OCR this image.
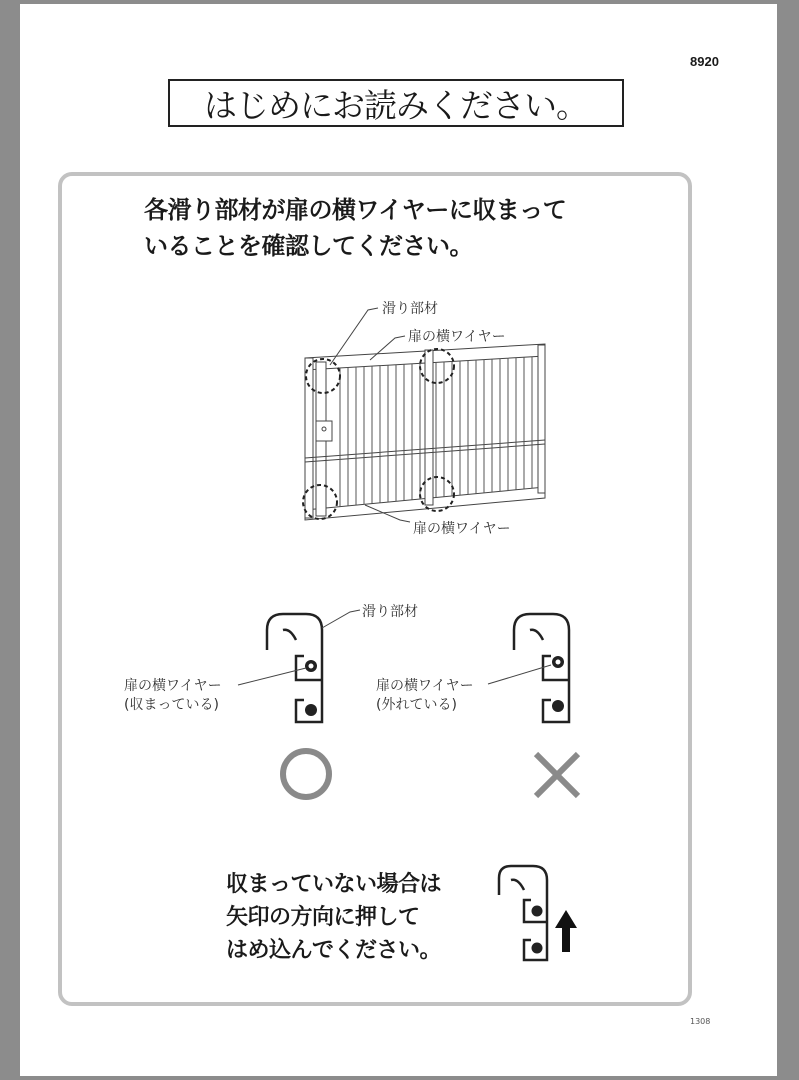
8920
はじめにお読みください。
1308
各滑り部材が扉の横ワイヤーに収まって
いることを確認してください。
滑り部材
扉の横ワイヤー
扉の横ワイヤー
滑り部材
扉の横ワイヤー
(収まっている)
扉の横ワイヤー
(外れている)
収まっていない場合は
矢印の方向に押して
はめ込んでください。
